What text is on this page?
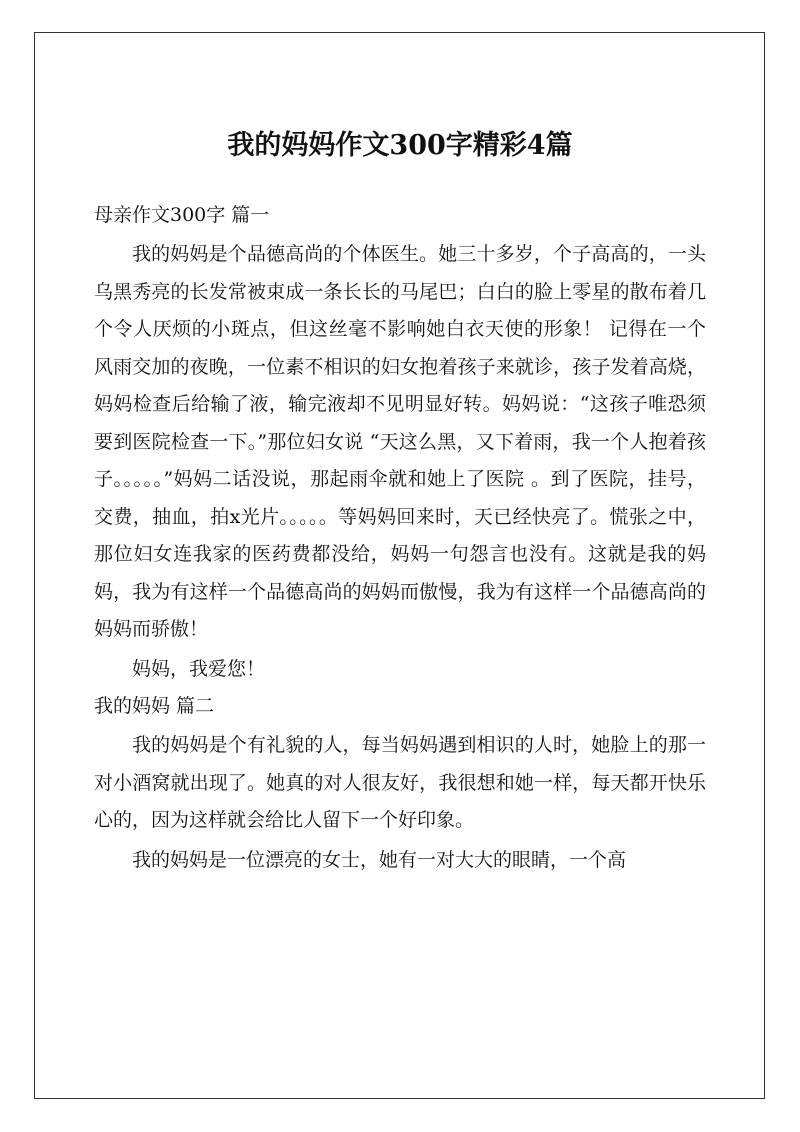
我的妈妈作文300字精彩4篇
母亲作文300字 篇一

我的妈妈是个品德高尚的个体医生。她三十多岁，个子高高的，一头乌黑秀亮的长发常被束成一条长长的马尾巴；白白的脸上零星的散布着几个令人厌烦的小斑点，但这丝毫不影响她白衣天使的形象！ 记得在一个风雨交加的夜晚，一位素不相识的妇女抱着孩子来就诊，孩子发着高烧，妈妈检查后给输了液，输完液却不见明显好转。妈妈说：“这孩子唯恐须要到医院检查一下。”那位妇女说 “天这么黑，又下着雨，我一个人抱着孩子。。。。。”妈妈二话没说，那起雨伞就和她上了医院 。到了医院，挂号，交费，抽血，拍x光片。。。。。等妈妈回来时，天已经快亮了。慌张之中，那位妇女连我家的医药费都没给，妈妈一句怨言也没有。这就是我的妈妈，我为有这样一个品德高尚的妈妈而傲慢，我为有这样一个品德高尚的妈妈而骄傲！

妈妈，我爱您！

我的妈妈 篇二

我的妈妈是个有礼貌的人，每当妈妈遇到相识的人时，她脸上的那一对小酒窝就出现了。她真的对人很友好，我很想和她一样，每天都开快乐心的，因为这样就会给比人留下一个好印象。

我的妈妈是一位漂亮的女士，她有一对大大的眼睛，一个高
